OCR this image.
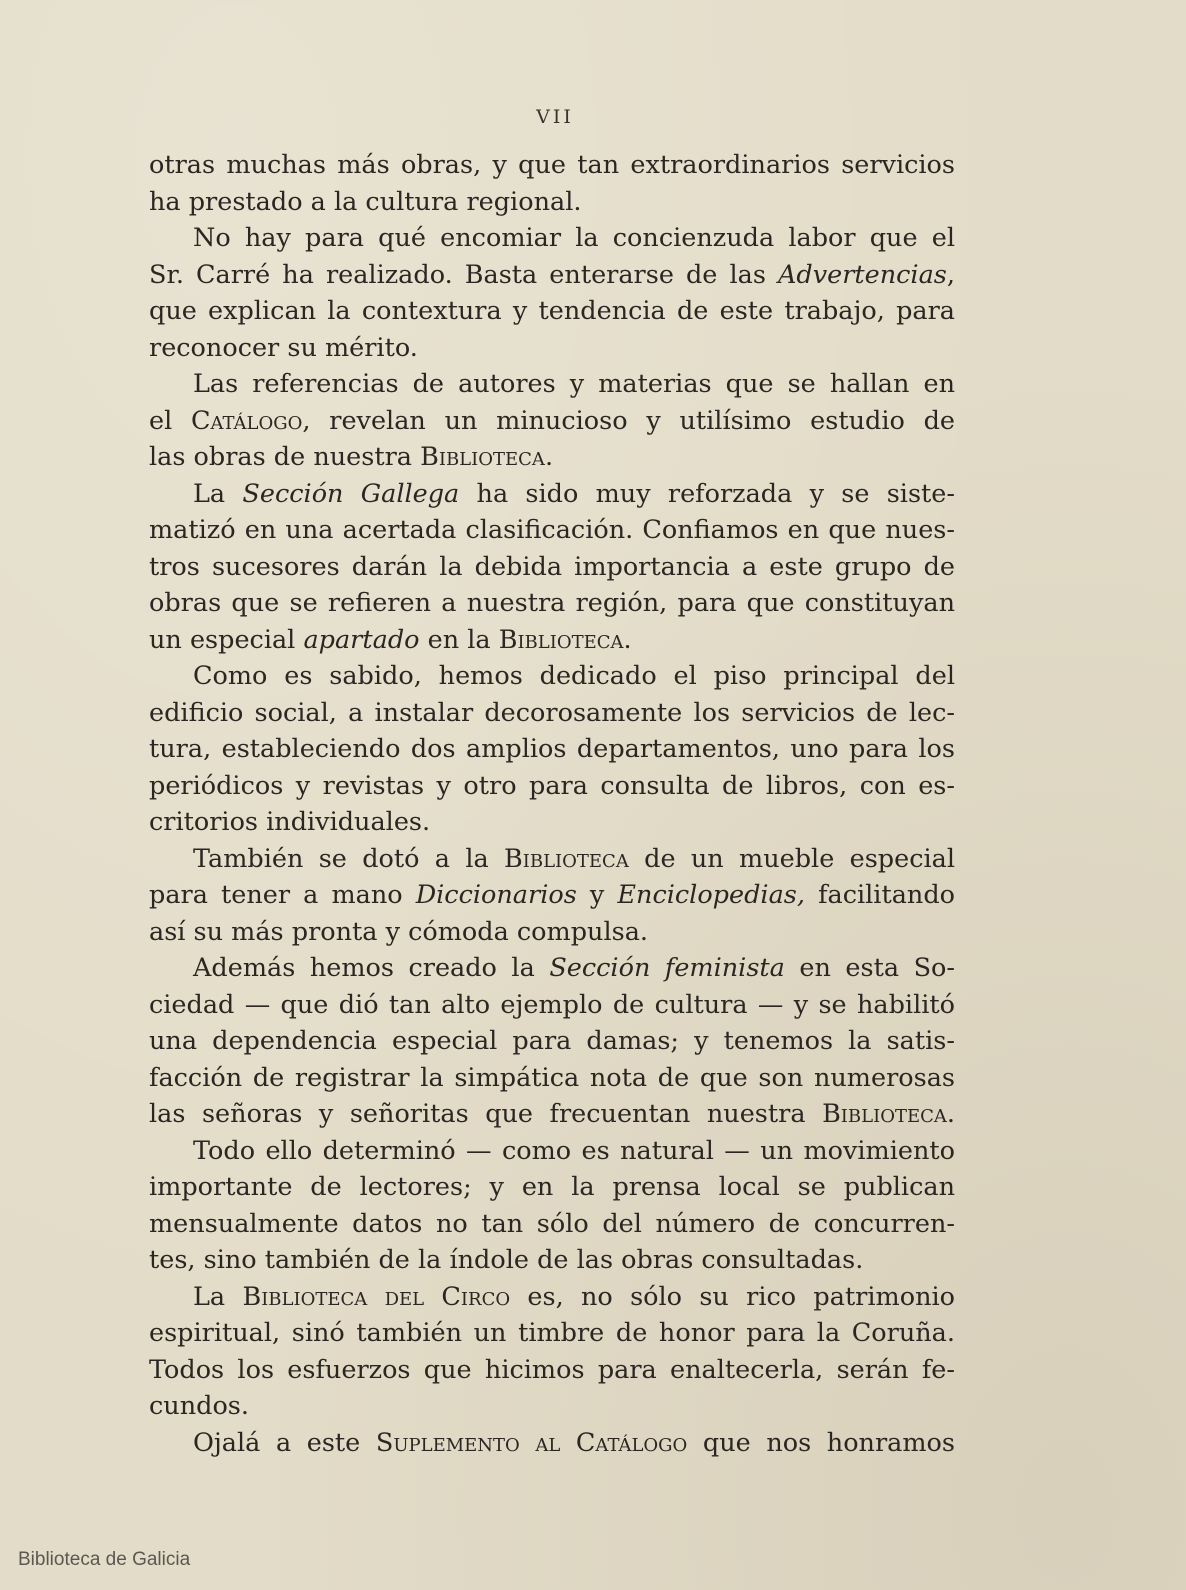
VII
otras muchas más obras, y que tan extraordinarios servicios
ha prestado a la cultura regional.
No hay para qué encomiar la concienzuda labor que el
Sr. Carré ha realizado. Basta enterarse de las Advertencias,
que explican la contextura y tendencia de este trabajo, para
reconocer su mérito.
Las referencias de autores y materias que se hallan en
el Catálogo, revelan un minucioso y utilísimo estudio de
las obras de nuestra Biblioteca.
La Sección Gallega ha sido muy reforzada y se siste-
matizó en una acertada clasificación. Confiamos en que nues-
tros sucesores darán la debida importancia a este grupo de
obras que se refieren a nuestra región, para que constituyan
un especial apartado en la Biblioteca.
Como es sabido, hemos dedicado el piso principal del
edificio social, a instalar decorosamente los servicios de lec-
tura, estableciendo dos amplios departamentos, uno para los
periódicos y revistas y otro para consulta de libros, con es-
critorios individuales.
También se dotó a la Biblioteca de un mueble especial
para tener a mano Diccionarios y Enciclopedias, facilitando
así su más pronta y cómoda compulsa.
Además hemos creado la Sección feminista en esta So-
ciedad — que dió tan alto ejemplo de cultura — y se habilitó
una dependencia especial para damas; y tenemos la satis-
facción de registrar la simpática nota de que son numerosas
las señoras y señoritas que frecuentan nuestra Biblioteca.
Todo ello determinó — como es natural — un movimiento
importante de lectores; y en la prensa local se publican
mensualmente datos no tan sólo del número de concurren-
tes, sino también de la índole de las obras consultadas.
La Biblioteca del Circo es, no sólo su rico patrimonio
espiritual, sinó también un timbre de honor para la Coruña.
Todos los esfuerzos que hicimos para enaltecerla, serán fe-
cundos.
Ojalá a este Suplemento al Catálogo que nos honramos
Biblioteca de Galicia
